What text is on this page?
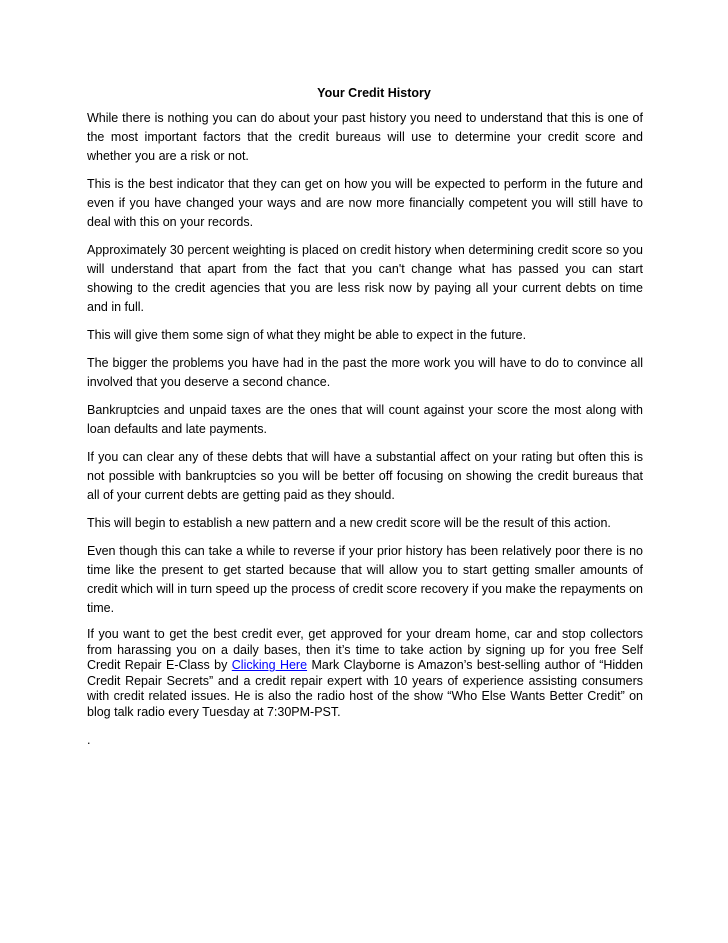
Your Credit History
While there is nothing you can do about your past history you need to understand that this is one of the most important factors that the credit bureaus will use to determine your credit score and whether you are a risk or not.
This is the best indicator that they can get on how you will be expected to perform in the future and even if you have changed your ways and are now more financially competent you will still have to deal with this on your records.
Approximately 30 percent weighting is placed on credit history when determining credit score so you will understand that apart from the fact that you can't change what has passed you can start showing to the credit agencies that you are less risk now by paying all your current debts on time and in full.
This will give them some sign of what they might be able to expect in the future.
The bigger the problems you have had in the past the more work you will have to do to convince all involved that you deserve a second chance.
Bankruptcies and unpaid taxes are the ones that will count against your score the most along with loan defaults and late payments.
If you can clear any of these debts that will have a substantial affect on your rating but often this is not possible with bankruptcies so you will be better off focusing on showing the credit bureaus that all of your current debts are getting paid as they should.
This will begin to establish a new pattern and a new credit score will be the result of this action.
Even though this can take a while to reverse if your prior history has been relatively poor there is no time like the present to get started because that will allow you to start getting smaller amounts of credit which will in turn speed up the process of credit score recovery if you make the repayments on time.
If you want to get the best credit ever, get approved for your dream home, car and stop collectors from harassing you on a daily bases, then it’s time to take action by signing up for you free Self Credit Repair E-Class by Clicking Here Mark Clayborne is Amazon’s best-selling author of “Hidden Credit Repair Secrets” and a credit repair expert with 10 years of experience assisting consumers with credit related issues. He is also the radio host of the show “Who Else Wants Better Credit” on blog talk radio every Tuesday at 7:30PM-PST.
.
